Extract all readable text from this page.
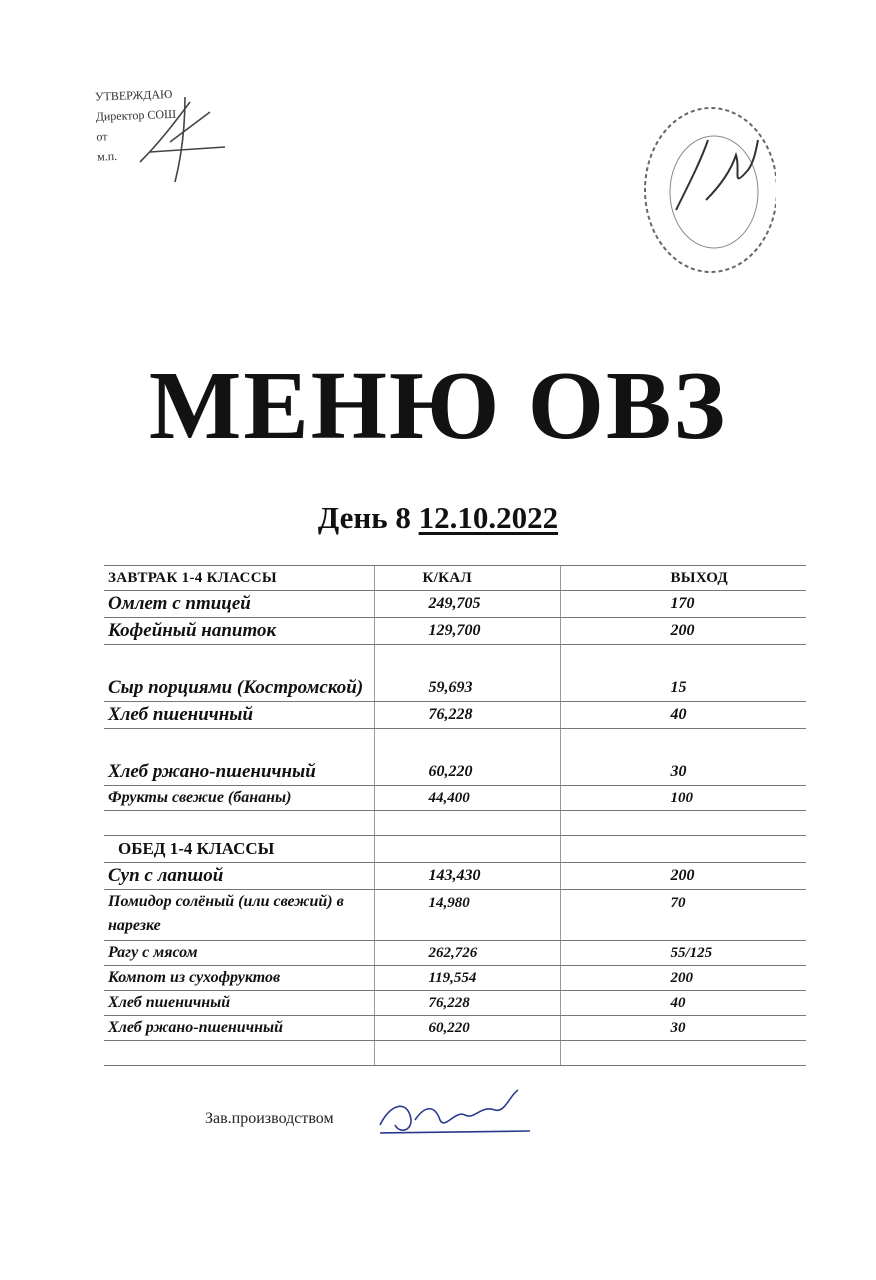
УТВЕРЖДАЮ
Директор СОШ
от
м.п.
МЕНЮ ОВЗ
День 8 12.10.2022
ЗАВТРАК 1-4 КЛАССЫ	К/КАЛ	ВЫХОД
Омлет с птицей	249,705	170
Кофейный напиток	129,700	200
Сыр порциями (Костромской)	59,693	15
Хлеб пшеничный	76,228	40
Хлеб ржано-пшеничный	60,220	30
Фрукты свежие (бананы)	44,400	100

ОБЕД 1-4 КЛАССЫ		
Суп с лапшой	143,430	200
Помидор солёный (или свежий) в нарезке	14,980	70
Рагу с мясом	262,726	55/125
Компот из сухофруктов	119,554	200
Хлеб пшеничный	76,228	40
Хлеб ржано-пшеничный	60,220	30

Зав.производством
